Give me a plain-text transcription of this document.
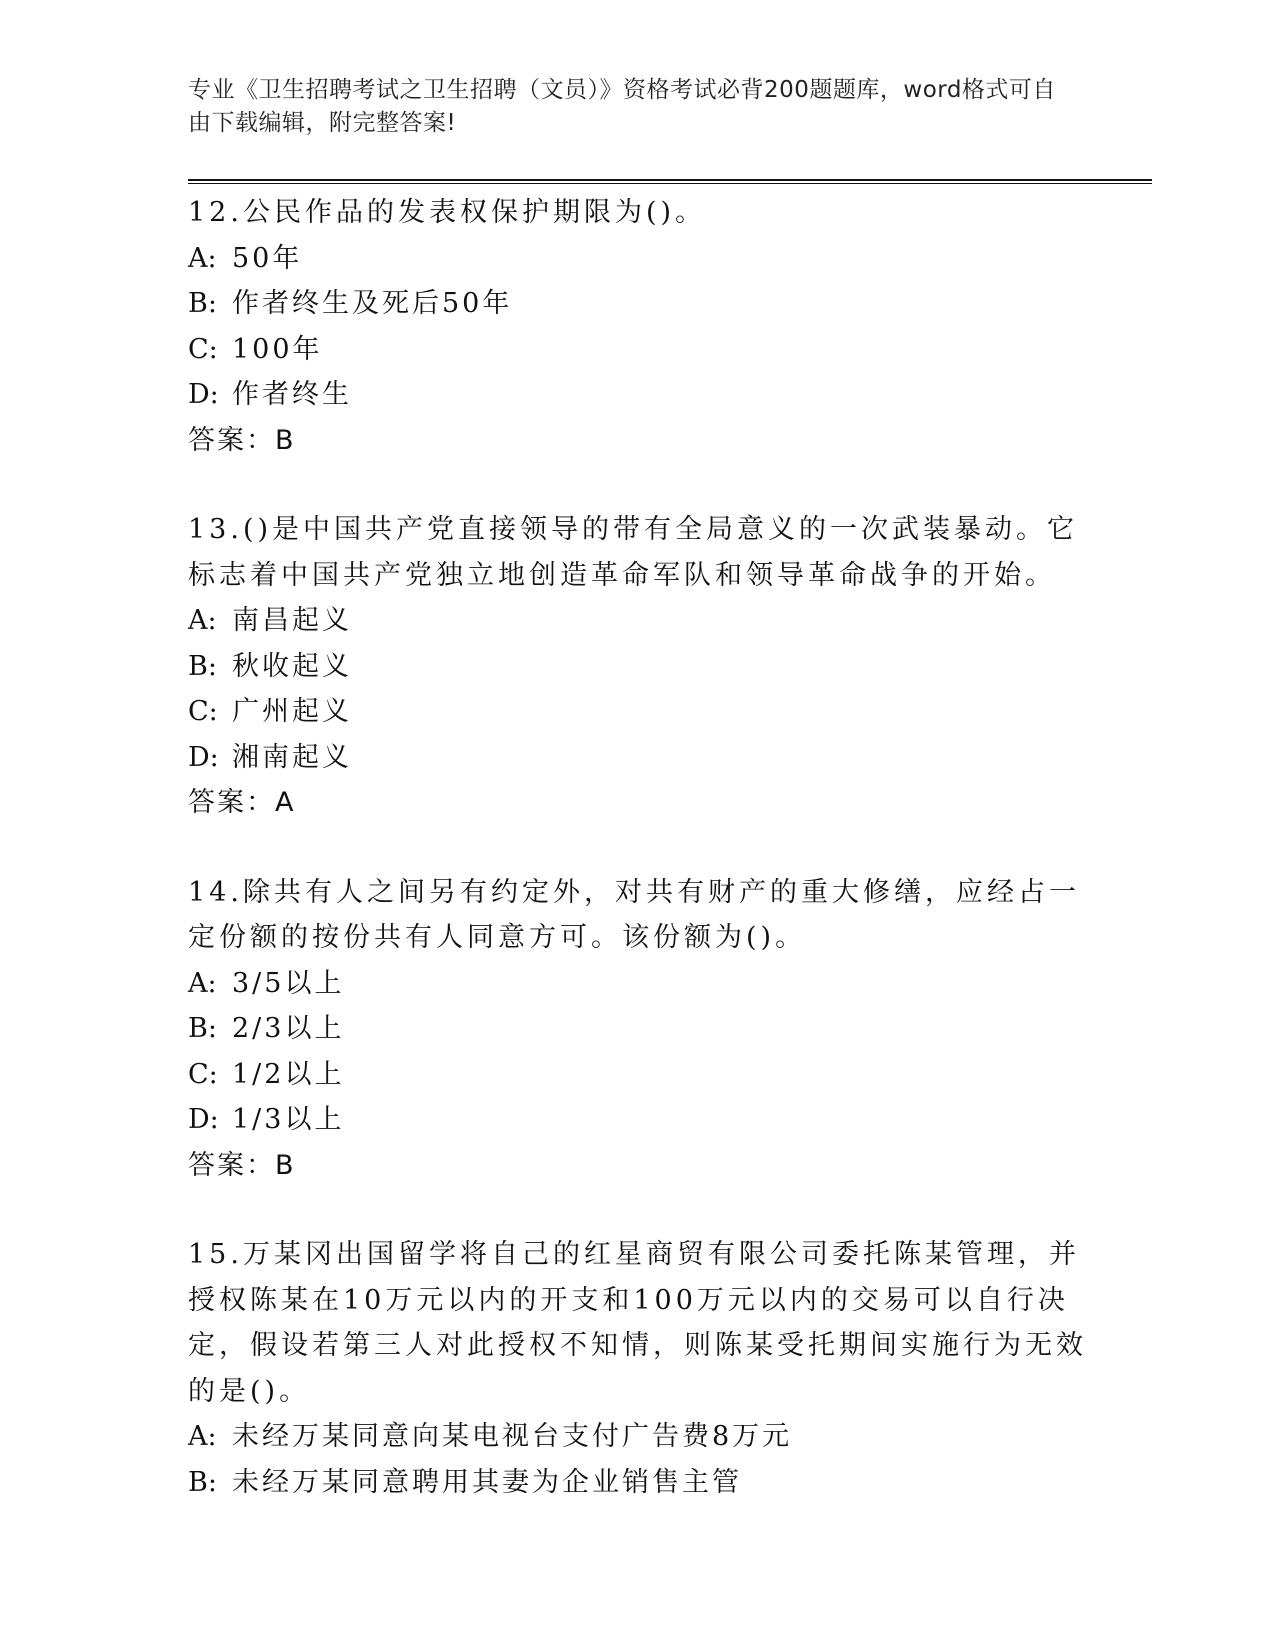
专业《卫生招聘考试之卫生招聘（文员）》资格考试必背200题题库，word格式可自由下载编辑，附完整答案!

12.公民作品的发表权保护期限为()。

A: 50年

B: 作者终生及死后50年

C: 100年

D: 作者终生

答案：B

13.()是中国共产党直接领导的带有全局意义的一次武装暴动。它标志着中国共产党独立地创造革命军队和领导革命战争的开始。

A: 南昌起义

B: 秋收起义

C: 广州起义

D: 湘南起义

答案：A

14.除共有人之间另有约定外，对共有财产的重大修缮，应经占一定份额的按份共有人同意方可。该份额为()。

A: 3/5以上

B: 2/3以上

C: 1/2以上

D: 1/3以上

答案：B

15.万某冈出国留学将自己的红星商贸有限公司委托陈某管理，并授权陈某在10万元以内的开支和100万元以内的交易可以自行决定，假设若第三人对此授权不知情，则陈某受托期间实施行为无效的是()。

A: 未经万某同意向某电视台支付广告费8万元

B: 未经万某同意聘用其妻为企业销售主管
